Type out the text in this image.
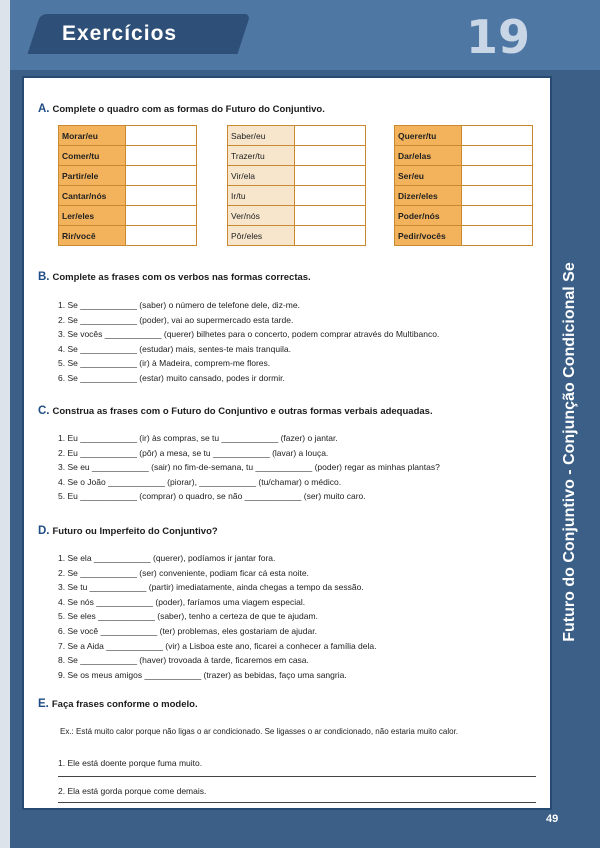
Exercícios	19
Futuro do Conjuntivo - Conjunção Condicional Se
49
A. Complete o quadro com as formas do Futuro do Conjuntivo.
Morar/eu	
Comer/tu	
Partir/ele	
Cantar/nós	
Ler/eles	
Rir/você	
Saber/eu	
Trazer/tu	
Vir/ela	
Ir/tu	
Ver/nós	
Pôr/eles	
Querer/tu	
Dar/elas	
Ser/eu	
Dizer/eles	
Poder/nós	
Pedir/vocês	
B. Complete as frases com os verbos nas formas correctas.
1. Se ____________ (saber) o número de telefone dele, diz-me.
2. Se ____________ (poder), vai ao supermercado esta tarde.
3. Se vocês ____________ (querer) bilhetes para o concerto, podem comprar através do Multibanco.
4. Se ____________ (estudar) mais, sentes-te mais tranquila.
5. Se ____________ (ir) à Madeira, comprem-me flores.
6. Se ____________ (estar) muito cansado, podes ir dormir.
C. Construa as frases com o Futuro do Conjuntivo e outras formas verbais adequadas.
1. Eu ____________ (ir) às compras, se tu ____________ (fazer) o jantar.
2. Eu ____________ (pôr) a mesa, se tu ____________ (lavar) a louça.
3. Se eu ____________ (sair) no fim-de-semana, tu ____________ (poder) regar as minhas plantas?
4. Se o João ____________ (piorar), ____________ (tu/chamar) o médico.
5. Eu ____________ (comprar) o quadro, se não ____________ (ser) muito caro.
D. Futuro ou Imperfeito do Conjuntivo?
1. Se ela ____________ (querer), podíamos ir jantar fora.
2. Se ____________ (ser) conveniente, podiam ficar cá esta noite.
3. Se tu ____________ (partir) imediatamente, ainda chegas a tempo da sessão.
4. Se nós ____________ (poder), faríamos uma viagem especial.
5. Se eles ____________ (saber), tenho a certeza de que te ajudam.
6. Se você ____________ (ter) problemas, eles gostariam de ajudar.
7. Se a Aida ____________ (vir) a Lisboa este ano, ficarei a conhecer a família dela.
8. Se ____________ (haver) trovoada à tarde, ficaremos em casa.
9. Se os meus amigos ____________ (trazer) as bebidas, faço uma sangria.
E. Faça frases conforme o modelo.
Ex.: Está muito calor porque não ligas o ar condicionado. Se ligasses o ar condicionado, não estaria muito calor.
1. Ele está doente porque fuma muito.
2. Ela está gorda porque come demais.
